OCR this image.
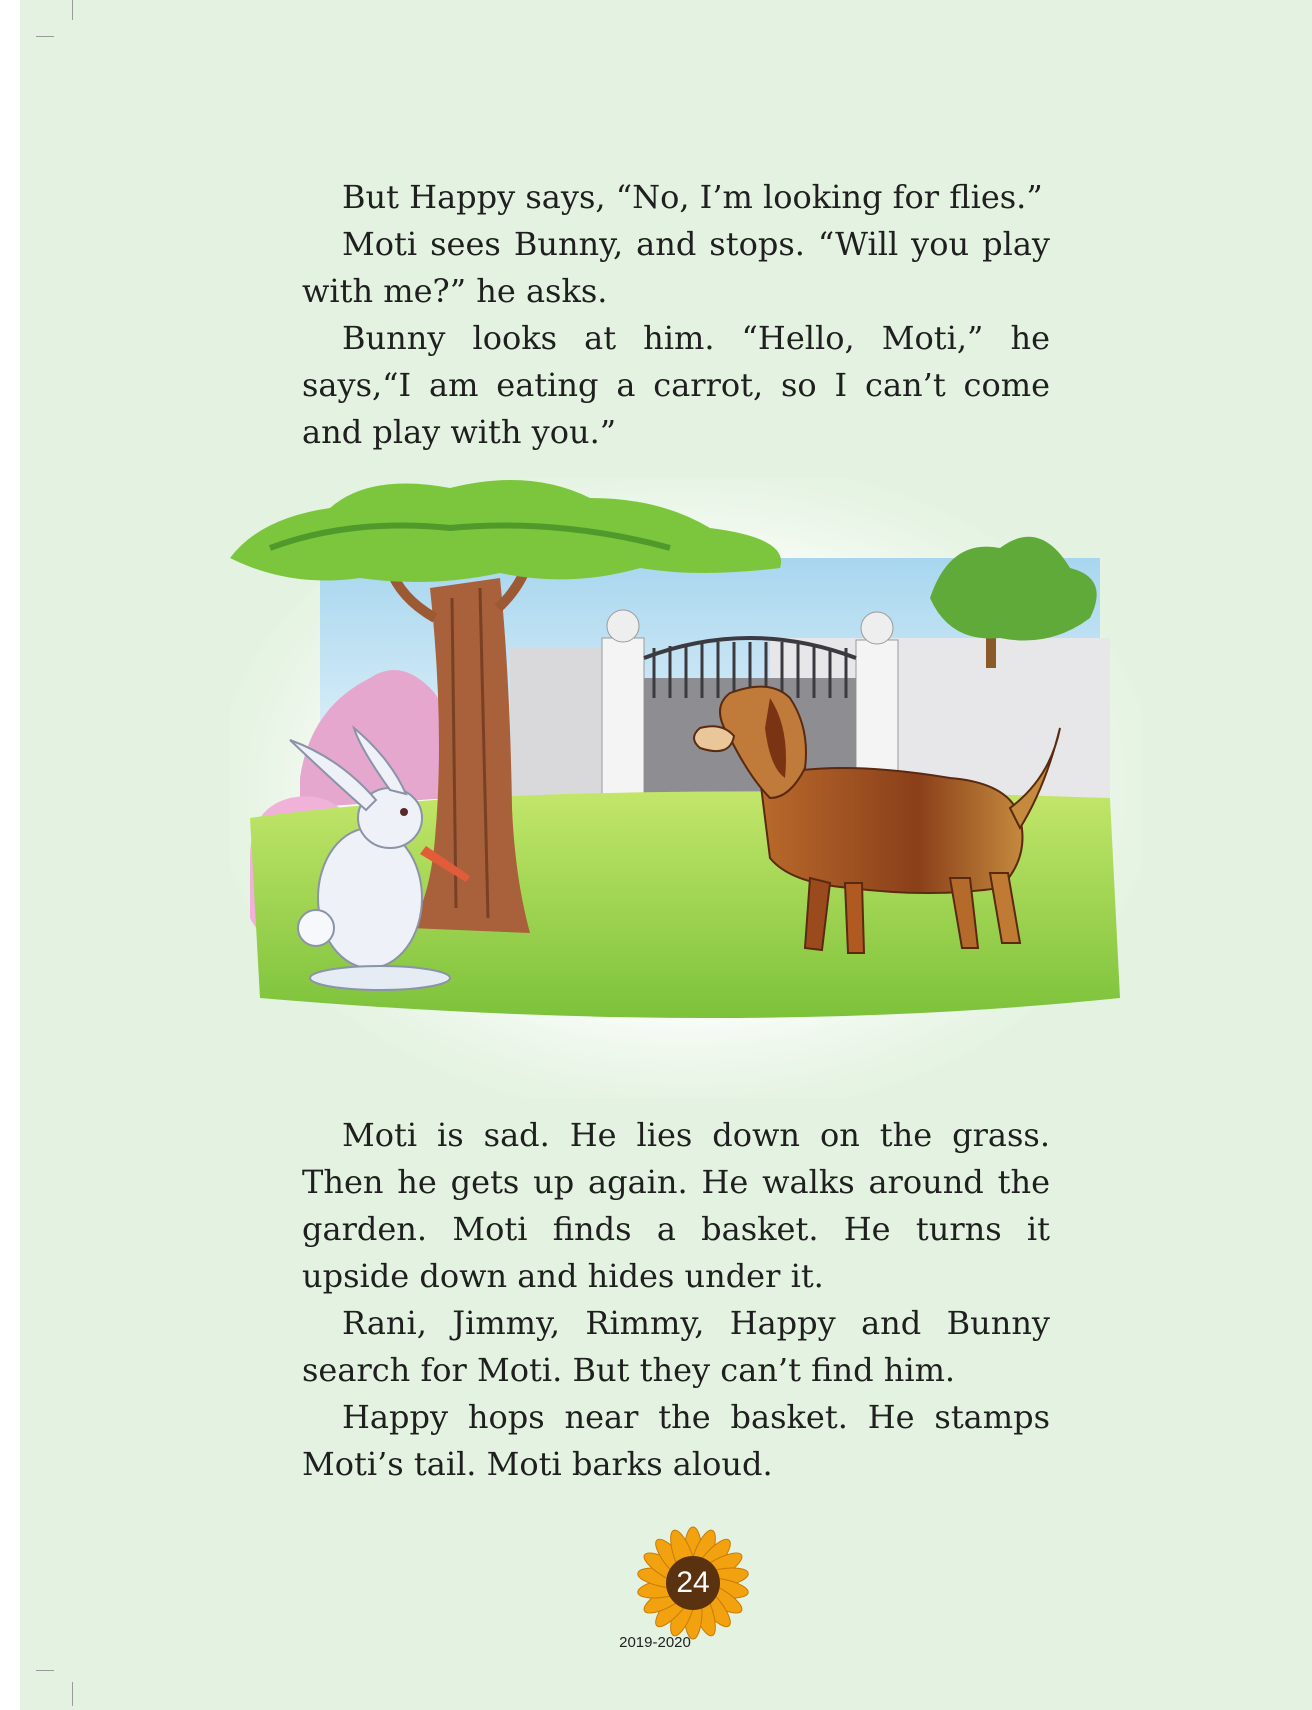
But Happy says, “No, I’m looking for flies.”

Moti sees Bunny, and stops. “Will you play with me?” he asks.

Bunny looks at him. “Hello, Moti,” he says,“I am eating a carrot, so I can’t come and play with you.”

Moti is sad. He lies down on the grass. Then he gets up again. He walks around the garden. Moti finds a basket. He turns it upside down and hides under it.

Rani, Jimmy, Rimmy, Happy and Bunny search for Moti. But they can’t find him.

Happy hops near the basket. He stamps Moti’s tail. Moti barks aloud.

24
2019-2020
